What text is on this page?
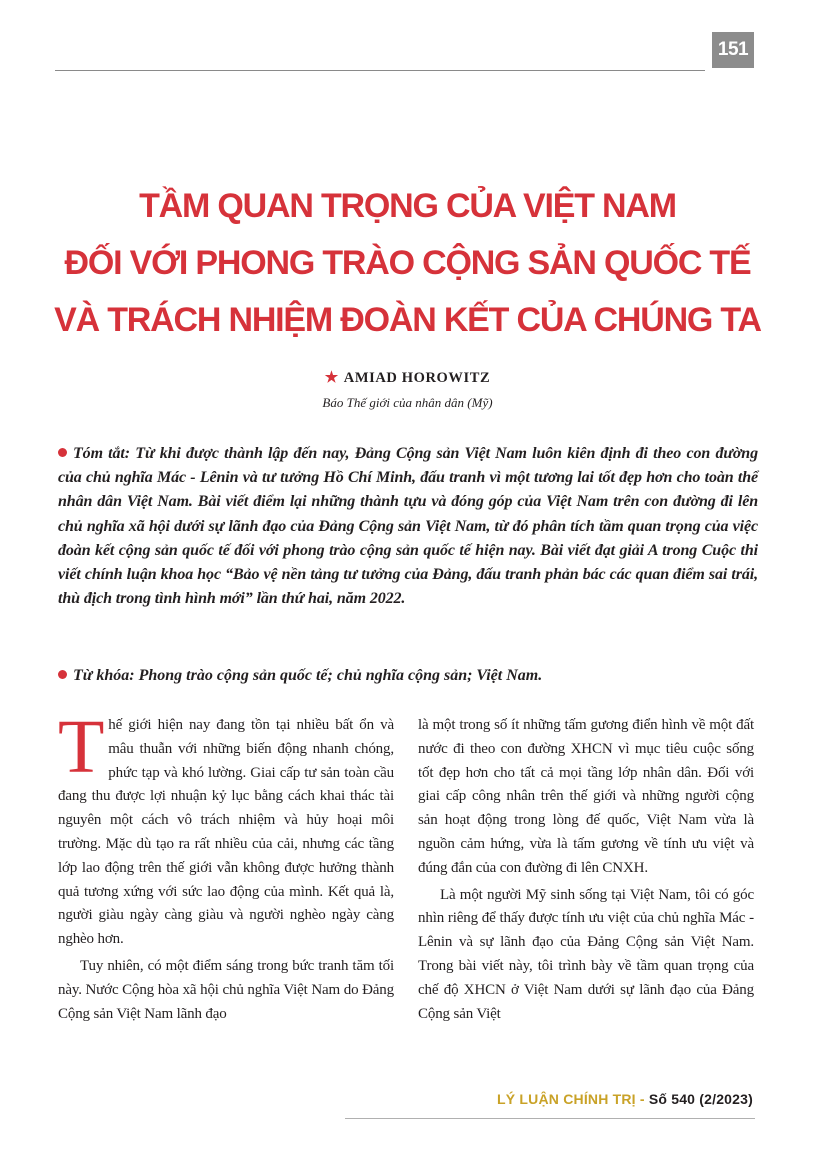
151
TẦM QUAN TRỌNG CỦA VIỆT NAM
ĐỐI VỚI PHONG TRÀO CỘNG SẢN QUỐC TẾ
VÀ TRÁCH NHIỆM ĐOÀN KẾT CỦA CHÚNG TA
★ AMIAD HOROWITZ
Báo Thế giới của nhân dân (Mỹ)
Tóm tắt: Từ khi được thành lập đến nay, Đảng Cộng sản Việt Nam luôn kiên định đi theo con đường của chủ nghĩa Mác - Lênin và tư tưởng Hồ Chí Minh, đấu tranh vì một tương lai tốt đẹp hơn cho toàn thể nhân dân Việt Nam. Bài viết điểm lại những thành tựu và đóng góp của Việt Nam trên con đường đi lên chủ nghĩa xã hội dưới sự lãnh đạo của Đảng Cộng sản Việt Nam, từ đó phân tích tầm quan trọng của việc đoàn kết cộng sản quốc tế đối với phong trào cộng sản quốc tế hiện nay. Bài viết đạt giải A trong Cuộc thi viết chính luận khoa học “Bảo vệ nền tảng tư tưởng của Đảng, đấu tranh phản bác các quan điểm sai trái, thù địch trong tình hình mới” lần thứ hai, năm 2022.
Từ khóa: Phong trào cộng sản quốc tế; chủ nghĩa cộng sản; Việt Nam.

Thế giới hiện nay đang tồn tại nhiều bất ổn và mâu thuẫn với những biến động nhanh chóng, phức tạp và khó lường. Giai cấp tư sản toàn cầu đang thu được lợi nhuận kỷ lục bằng cách khai thác tài nguyên một cách vô trách nhiệm và hủy hoại môi trường. Mặc dù tạo ra rất nhiều của cải, nhưng các tầng lớp lao động trên thế giới vẫn không được hưởng thành quả tương xứng với sức lao động của mình. Kết quả là, người giàu ngày càng giàu và người nghèo ngày càng nghèo hơn.

Tuy nhiên, có một điểm sáng trong bức tranh tăm tối này. Nước Cộng hòa xã hội chủ nghĩa Việt Nam do Đảng Cộng sản Việt Nam lãnh đạo

là một trong số ít những tấm gương điển hình về một đất nước đi theo con đường XHCN vì mục tiêu cuộc sống tốt đẹp hơn cho tất cả mọi tầng lớp nhân dân. Đối với giai cấp công nhân trên thế giới và những người cộng sản hoạt động trong lòng đế quốc, Việt Nam vừa là nguồn cảm hứng, vừa là tấm gương về tính ưu việt và đúng đắn của con đường đi lên CNXH.

Là một người Mỹ sinh sống tại Việt Nam, tôi có góc nhìn riêng để thấy được tính ưu việt của chủ nghĩa Mác - Lênin và sự lãnh đạo của Đảng Cộng sản Việt Nam. Trong bài viết này, tôi trình bày về tầm quan trọng của chế độ XHCN ở Việt Nam dưới sự lãnh đạo của Đảng Cộng sản Việt

LÝ LUẬN CHÍNH TRỊ - Số 540 (2/2023)
